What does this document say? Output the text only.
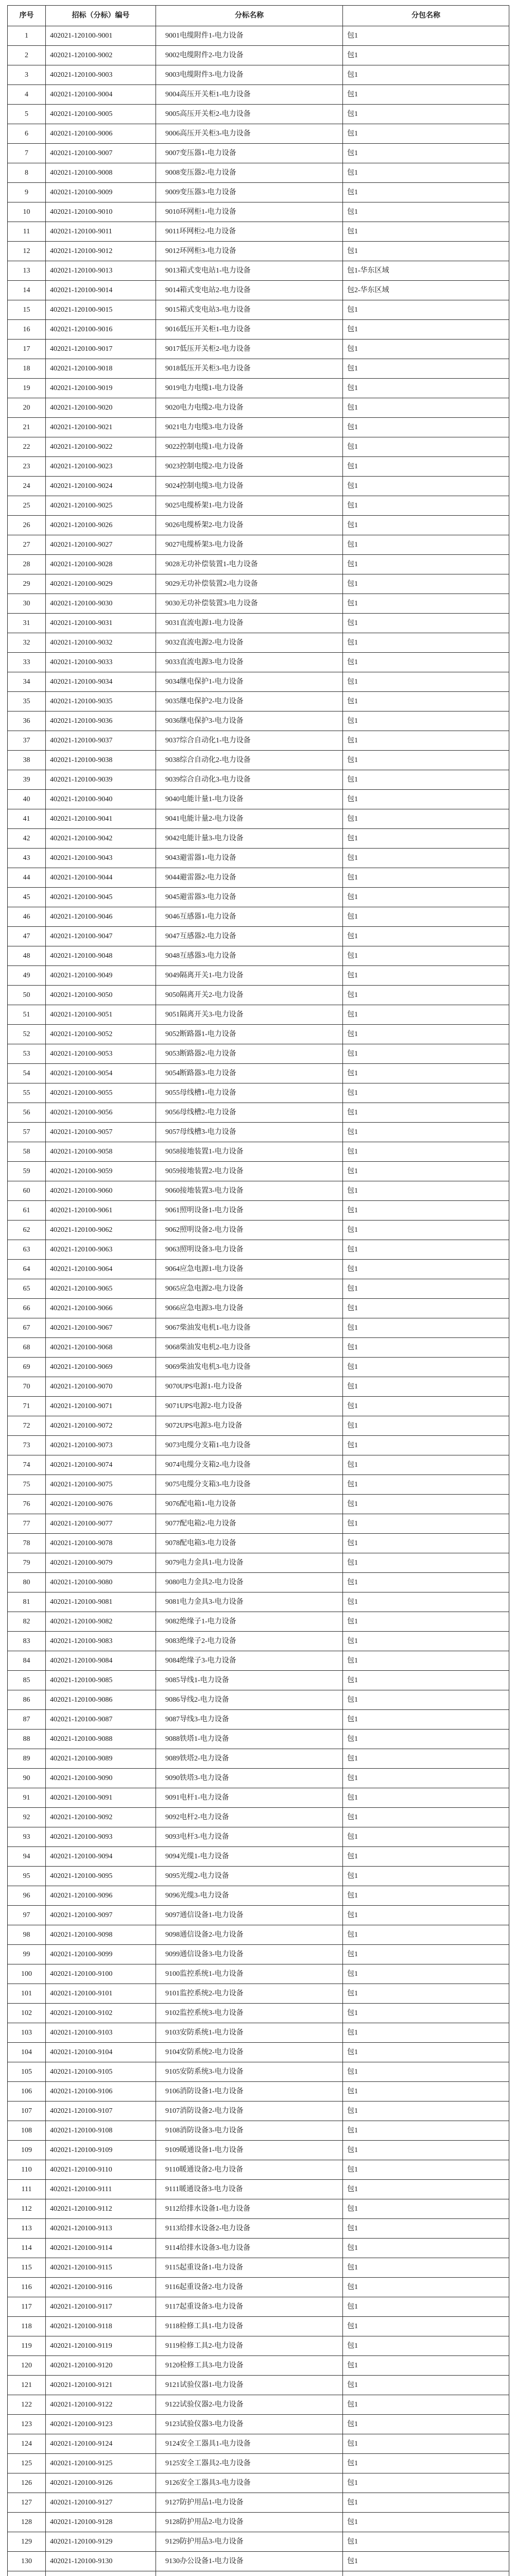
序号	招标（分标）编号	分标名称	分包名称
1	402021-120100-9001	9001电缆附件1-电力设备	包1
2	402021-120100-9002	9002电缆附件2-电力设备	包1
3	402021-120100-9003	9003电缆附件3-电力设备	包1
4	402021-120100-9004	9004高压开关柜1-电力设备	包1
5	402021-120100-9005	9005高压开关柜2-电力设备	包1
6	402021-120100-9006	9006高压开关柜3-电力设备	包1
7	402021-120100-9007	9007变压器1-电力设备	包1
8	402021-120100-9008	9008变压器2-电力设备	包1
9	402021-120100-9009	9009变压器3-电力设备	包1
10	402021-120100-9010	9010环网柜1-电力设备	包1
11	402021-120100-9011	9011环网柜2-电力设备	包1
12	402021-120100-9012	9012环网柜3-电力设备	包1
13	402021-120100-9013	9013箱式变电站1-电力设备	包1-华东区域
14	402021-120100-9014	9014箱式变电站2-电力设备	包2-华东区域
15	402021-120100-9015	9015箱式变电站3-电力设备	包1
16	402021-120100-9016	9016低压开关柜1-电力设备	包1
17	402021-120100-9017	9017低压开关柜2-电力设备	包1
18	402021-120100-9018	9018低压开关柜3-电力设备	包1
19	402021-120100-9019	9019电力电缆1-电力设备	包1
20	402021-120100-9020	9020电力电缆2-电力设备	包1
21	402021-120100-9021	9021电力电缆3-电力设备	包1
22	402021-120100-9022	9022控制电缆1-电力设备	包1
23	402021-120100-9023	9023控制电缆2-电力设备	包1
24	402021-120100-9024	9024控制电缆3-电力设备	包1
25	402021-120100-9025	9025电缆桥架1-电力设备	包1
26	402021-120100-9026	9026电缆桥架2-电力设备	包1
27	402021-120100-9027	9027电缆桥架3-电力设备	包1
28	402021-120100-9028	9028无功补偿装置1-电力设备	包1
29	402021-120100-9029	9029无功补偿装置2-电力设备	包1
30	402021-120100-9030	9030无功补偿装置3-电力设备	包1
31	402021-120100-9031	9031直流电源1-电力设备	包1
32	402021-120100-9032	9032直流电源2-电力设备	包1
33	402021-120100-9033	9033直流电源3-电力设备	包1
34	402021-120100-9034	9034继电保护1-电力设备	包1
35	402021-120100-9035	9035继电保护2-电力设备	包1
36	402021-120100-9036	9036继电保护3-电力设备	包1
37	402021-120100-9037	9037综合自动化1-电力设备	包1
38	402021-120100-9038	9038综合自动化2-电力设备	包1
39	402021-120100-9039	9039综合自动化3-电力设备	包1
40	402021-120100-9040	9040电能计量1-电力设备	包1
41	402021-120100-9041	9041电能计量2-电力设备	包1
42	402021-120100-9042	9042电能计量3-电力设备	包1
43	402021-120100-9043	9043避雷器1-电力设备	包1
44	402021-120100-9044	9044避雷器2-电力设备	包1
45	402021-120100-9045	9045避雷器3-电力设备	包1
46	402021-120100-9046	9046互感器1-电力设备	包1
47	402021-120100-9047	9047互感器2-电力设备	包1
48	402021-120100-9048	9048互感器3-电力设备	包1
49	402021-120100-9049	9049隔离开关1-电力设备	包1
50	402021-120100-9050	9050隔离开关2-电力设备	包1
51	402021-120100-9051	9051隔离开关3-电力设备	包1
52	402021-120100-9052	9052断路器1-电力设备	包1
53	402021-120100-9053	9053断路器2-电力设备	包1
54	402021-120100-9054	9054断路器3-电力设备	包1
55	402021-120100-9055	9055母线槽1-电力设备	包1
56	402021-120100-9056	9056母线槽2-电力设备	包1
57	402021-120100-9057	9057母线槽3-电力设备	包1
58	402021-120100-9058	9058接地装置1-电力设备	包1
59	402021-120100-9059	9059接地装置2-电力设备	包1
60	402021-120100-9060	9060接地装置3-电力设备	包1
61	402021-120100-9061	9061照明设备1-电力设备	包1
62	402021-120100-9062	9062照明设备2-电力设备	包1
63	402021-120100-9063	9063照明设备3-电力设备	包1
64	402021-120100-9064	9064应急电源1-电力设备	包1
65	402021-120100-9065	9065应急电源2-电力设备	包1
66	402021-120100-9066	9066应急电源3-电力设备	包1
67	402021-120100-9067	9067柴油发电机1-电力设备	包1
68	402021-120100-9068	9068柴油发电机2-电力设备	包1
69	402021-120100-9069	9069柴油发电机3-电力设备	包1
70	402021-120100-9070	9070UPS电源1-电力设备	包1
71	402021-120100-9071	9071UPS电源2-电力设备	包1
72	402021-120100-9072	9072UPS电源3-电力设备	包1
73	402021-120100-9073	9073电缆分支箱1-电力设备	包1
74	402021-120100-9074	9074电缆分支箱2-电力设备	包1
75	402021-120100-9075	9075电缆分支箱3-电力设备	包1
76	402021-120100-9076	9076配电箱1-电力设备	包1
77	402021-120100-9077	9077配电箱2-电力设备	包1
78	402021-120100-9078	9078配电箱3-电力设备	包1
79	402021-120100-9079	9079电力金具1-电力设备	包1
80	402021-120100-9080	9080电力金具2-电力设备	包1
81	402021-120100-9081	9081电力金具3-电力设备	包1
82	402021-120100-9082	9082绝缘子1-电力设备	包1
83	402021-120100-9083	9083绝缘子2-电力设备	包1
84	402021-120100-9084	9084绝缘子3-电力设备	包1
85	402021-120100-9085	9085导线1-电力设备	包1
86	402021-120100-9086	9086导线2-电力设备	包1
87	402021-120100-9087	9087导线3-电力设备	包1
88	402021-120100-9088	9088铁塔1-电力设备	包1
89	402021-120100-9089	9089铁塔2-电力设备	包1
90	402021-120100-9090	9090铁塔3-电力设备	包1
91	402021-120100-9091	9091电杆1-电力设备	包1
92	402021-120100-9092	9092电杆2-电力设备	包1
93	402021-120100-9093	9093电杆3-电力设备	包1
94	402021-120100-9094	9094光缆1-电力设备	包1
95	402021-120100-9095	9095光缆2-电力设备	包1
96	402021-120100-9096	9096光缆3-电力设备	包1
97	402021-120100-9097	9097通信设备1-电力设备	包1
98	402021-120100-9098	9098通信设备2-电力设备	包1
99	402021-120100-9099	9099通信设备3-电力设备	包1
100	402021-120100-9100	9100监控系统1-电力设备	包1
101	402021-120100-9101	9101监控系统2-电力设备	包1
102	402021-120100-9102	9102监控系统3-电力设备	包1
103	402021-120100-9103	9103安防系统1-电力设备	包1
104	402021-120100-9104	9104安防系统2-电力设备	包1
105	402021-120100-9105	9105安防系统3-电力设备	包1
106	402021-120100-9106	9106消防设备1-电力设备	包1
107	402021-120100-9107	9107消防设备2-电力设备	包1
108	402021-120100-9108	9108消防设备3-电力设备	包1
109	402021-120100-9109	9109暖通设备1-电力设备	包1
110	402021-120100-9110	9110暖通设备2-电力设备	包1
111	402021-120100-9111	9111暖通设备3-电力设备	包1
112	402021-120100-9112	9112给排水设备1-电力设备	包1
113	402021-120100-9113	9113给排水设备2-电力设备	包1
114	402021-120100-9114	9114给排水设备3-电力设备	包1
115	402021-120100-9115	9115起重设备1-电力设备	包1
116	402021-120100-9116	9116起重设备2-电力设备	包1
117	402021-120100-9117	9117起重设备3-电力设备	包1
118	402021-120100-9118	9118检修工具1-电力设备	包1
119	402021-120100-9119	9119检修工具2-电力设备	包1
120	402021-120100-9120	9120检修工具3-电力设备	包1
121	402021-120100-9121	9121试验仪器1-电力设备	包1
122	402021-120100-9122	9122试验仪器2-电力设备	包1
123	402021-120100-9123	9123试验仪器3-电力设备	包1
124	402021-120100-9124	9124安全工器具1-电力设备	包1
125	402021-120100-9125	9125安全工器具2-电力设备	包1
126	402021-120100-9126	9126安全工器具3-电力设备	包1
127	402021-120100-9127	9127防护用品1-电力设备	包1
128	402021-120100-9128	9128防护用品2-电力设备	包1
129	402021-120100-9129	9129防护用品3-电力设备	包1
130	402021-120100-9130	9130办公设备1-电力设备	包1
